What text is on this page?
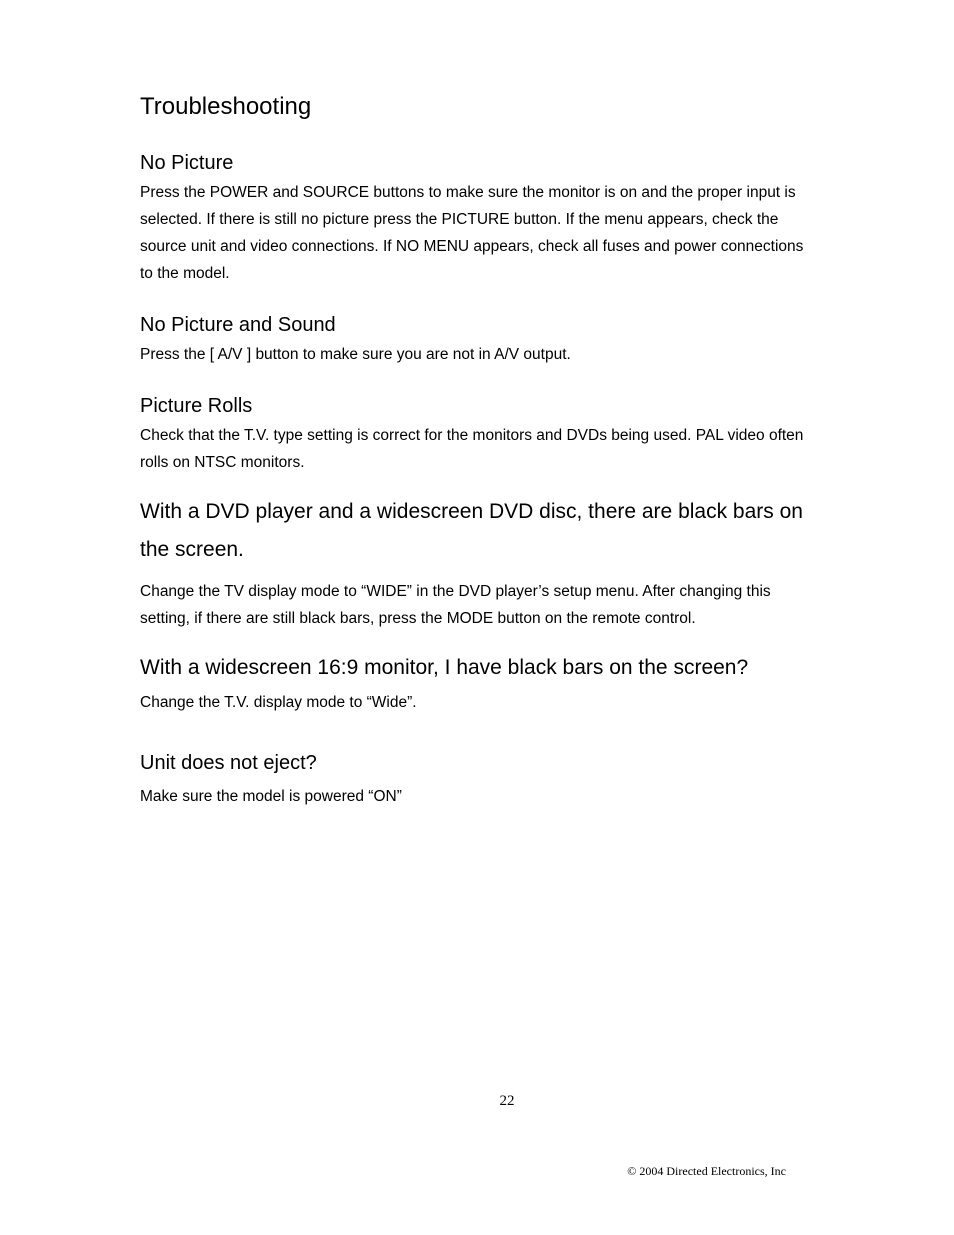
Troubleshooting
No Picture

Press the POWER and SOURCE buttons to make sure the monitor is on and the proper input is selected. If there is still no picture press the PICTURE button. If the menu appears, check the source unit and video connections. If NO MENU appears, check all fuses and power connections to the model.

No Picture and Sound

Press the [ A/V ] button to make sure you are not in A/V output.

Picture Rolls

Check that the T.V. type setting is correct for the monitors and DVDs being used. PAL video often rolls on NTSC monitors.

With a DVD player and a widescreen DVD disc, there are black bars on the screen.

Change the TV display mode to “WIDE” in the DVD player’s setup menu. After changing this setting, if there are still black bars, press the MODE button on the remote control.

With a widescreen 16:9 monitor, I have black bars on the screen?

Change the T.V. display mode to “Wide”.

Unit does not eject?

Make sure the model is powered “ON”

22
© 2004 Directed Electronics, Inc
